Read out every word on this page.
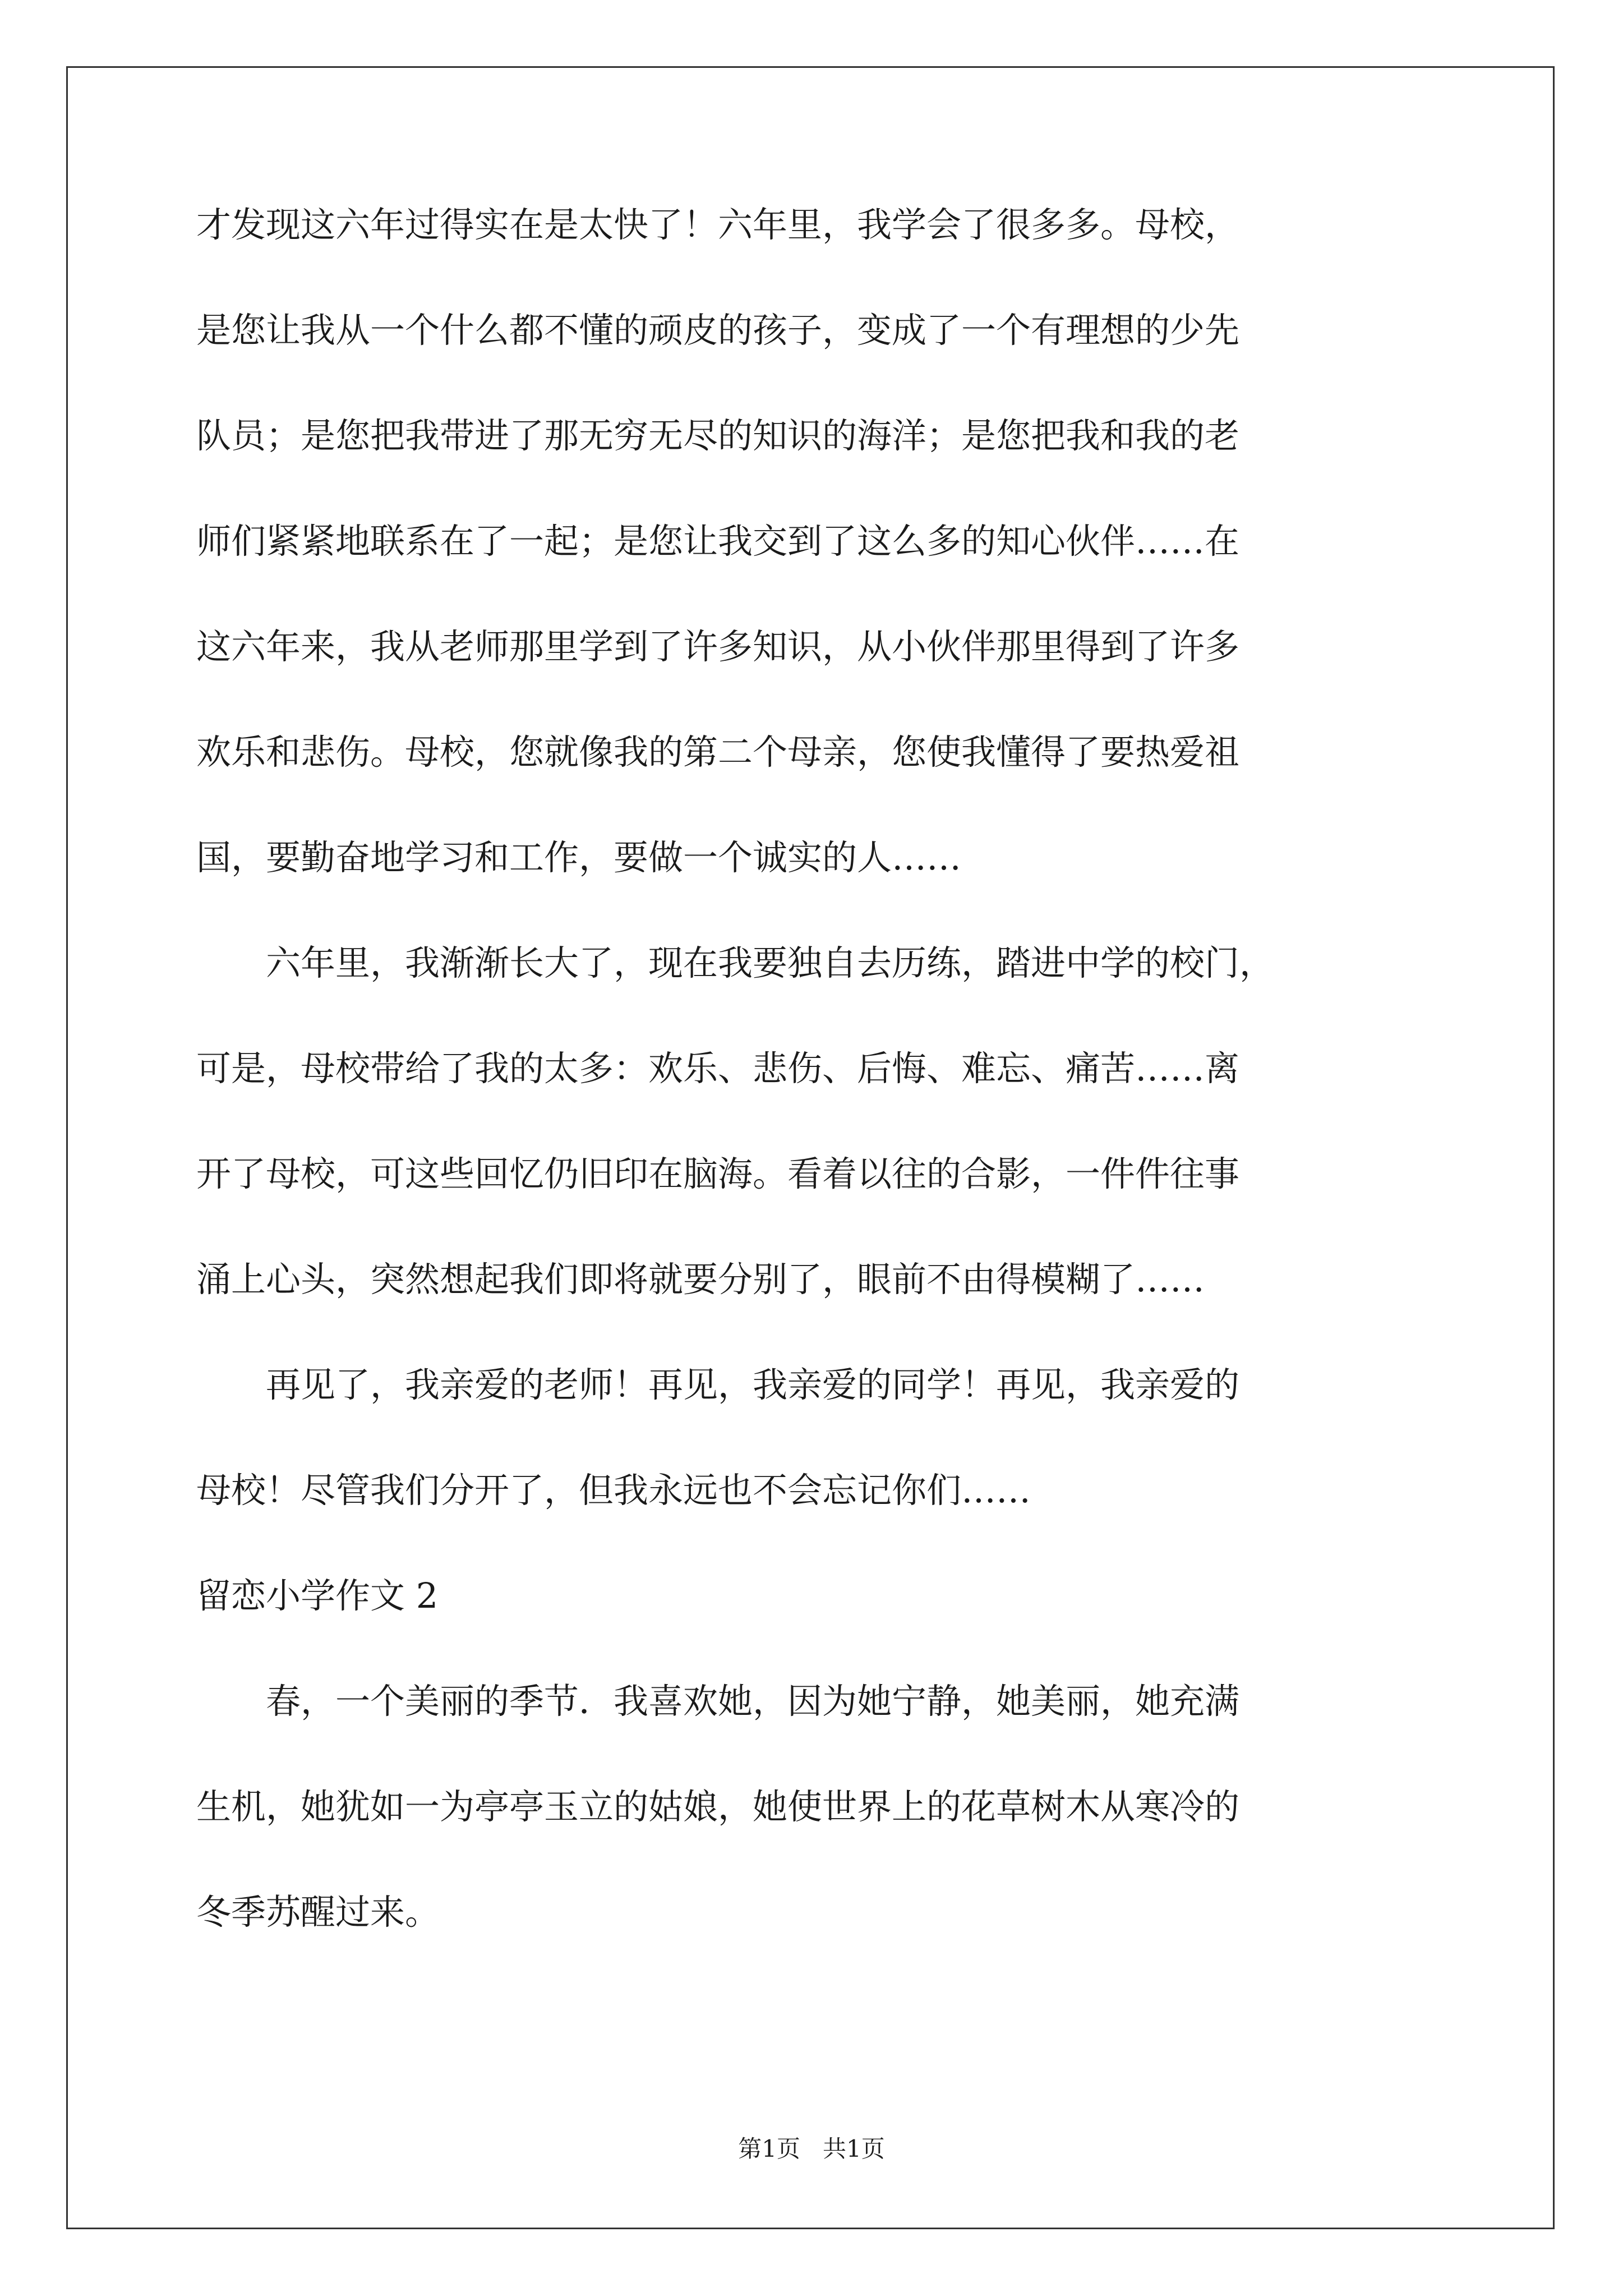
才发现这六年过得实在是太快了！六年里，我学会了很多多。母校，
是您让我从一个什么都不懂的顽皮的孩子，变成了一个有理想的少先
队员；是您把我带进了那无穷无尽的知识的海洋；是您把我和我的老
师们紧紧地联系在了一起；是您让我交到了这么多的知心伙伴……在
这六年来，我从老师那里学到了许多知识，从小伙伴那里得到了许多
欢乐和悲伤。母校，您就像我的第二个母亲，您使我懂得了要热爱祖
国，要勤奋地学习和工作，要做一个诚实的人……
　　六年里，我渐渐长大了，现在我要独自去历练，踏进中学的校门，
可是，母校带给了我的太多：欢乐、悲伤、后悔、难忘、痛苦……离
开了母校，可这些回忆仍旧印在脑海。看着以往的合影，一件件往事
涌上心头，突然想起我们即将就要分别了，眼前不由得模糊了……
　　再见了，我亲爱的老师！再见，我亲爱的同学！再见，我亲爱的
母校！尽管我们分开了，但我永远也不会忘记你们……
留恋小学作文 2
　　春，一个美丽的季节．我喜欢她，因为她宁静，她美丽，她充满
生机，她犹如一为亭亭玉立的姑娘，她使世界上的花草树木从寒冷的
冬季苏醒过来。
第1页 共1页
